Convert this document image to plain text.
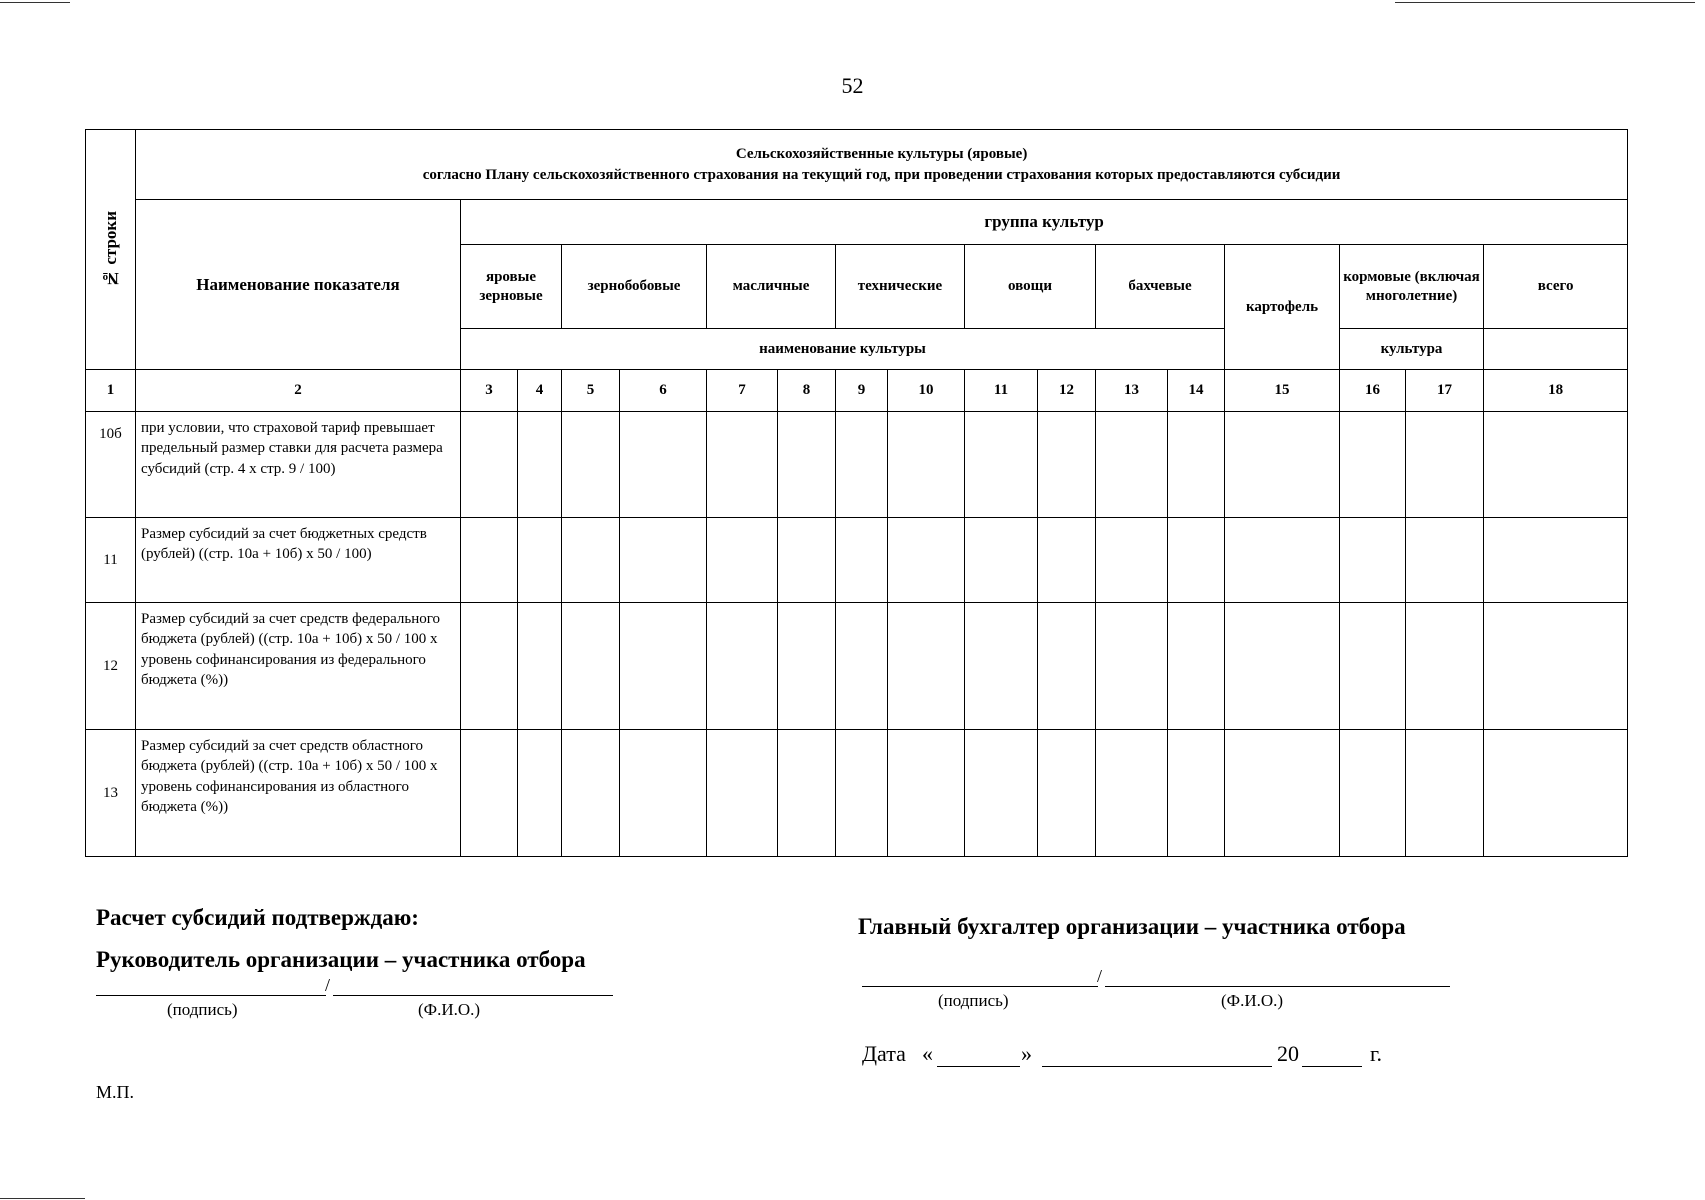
52
№ строки	Сельскохозяйственные культуры (яровые)
согласно Плану сельскохозяйственного страхования на текущий год, при проведении страхования которых предоставляются субсидии																

	Наименование показателя	группа культур															
		яровые зерновые		зернобобовые		масличные		технические		овощи		бахчевые		картофель	кормовые (включая многолетние)		всего
		наименование культуры													культура		
1	2	3	4	5	6	7	8	9	10	11	12	13	14	15	16	17	18
10б	при условии, что страховой тариф превышает предельный размер ставки для расчета размера субсидий (стр. 4 х стр. 9 / 100)																
11	Размер субсидий за счет бюджетных средств (рублей) ((стр. 10а + 10б) х 50 / 100)																
12	Размер субсидий за счет средств федерального бюджета (рублей) ((стр. 10а + 10б) х 50 / 100 х уровень софинансирования из федерального бюджета (%))																
13	Размер субсидий за счет средств областного бюджета (рублей) ((стр. 10а + 10б) х 50 / 100 х уровень софинансирования из областного бюджета (%))																
Расчет субсидий подтверждаю:
Руководитель организации – участника отбора
/
(подпись)	(Ф.И.О.)
М.П.
Главный бухгалтер организации – участника отбора
/
(подпись)	(Ф.И.О.)
Дата «	»	20	г.
